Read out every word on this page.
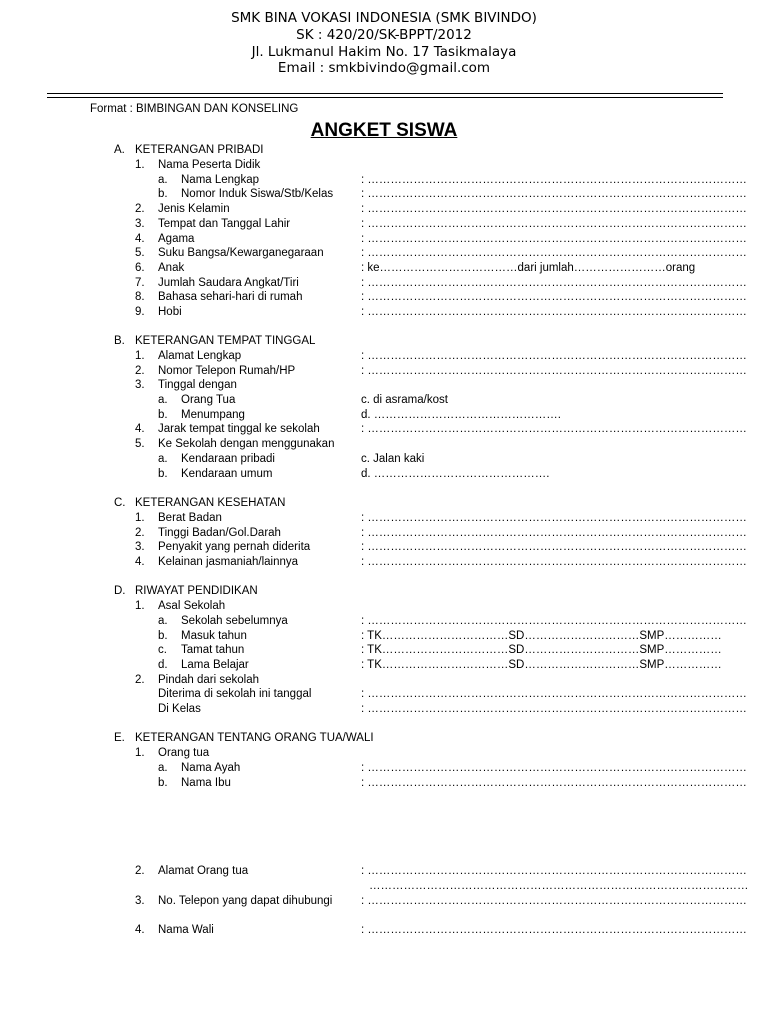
SMK BINA VOKASI INDONESIA (SMK BIVINDO)
SK : 420/20/SK-BPPT/2012
Jl. Lukmanul Hakim No. 17 Tasikmalaya
Email : smkbivindo@gmail.com
Format : BIMBINGAN DAN KONSELING
ANGKET SISWA
A. KETERANGAN PRIBADI
1. Nama Peserta Didik
a. Nama Lengkap	: ………………………………………………………………………………………
b. Nomor Induk Siswa/Stb/Kelas : ………………………………………………………………………………………
2. Jenis Kelamin	: ………………………………………………………………………………………
3. Tempat dan Tanggal Lahir	: ………………………………………………………………………………………
4. Agama	: ………………………………………………………………………………………
5. Suku Bangsa/Kewarganegaraan	: ………………………………………………………………………………………
6. Anak	: ke………………………………dari jumlah……………………orang
7. Jumlah Saudara Angkat/Tiri	: ………………………………………………………………………………………
8. Bahasa sehari-hari di rumah	: ………………………………………………………………………………………
9. Hobi	: ………………………………………………………………………………………
B. KETERANGAN TEMPAT TINGGAL
1. Alamat Lengkap	: ………………………………………………………………………………………
2. Nomor Telepon Rumah/HP	: ………………………………………………………………………………………
3. Tinggal dengan
a. Orang Tua	c. di asrama/kost
b. Menumpang	d. ………………………………………….
4. Jarak tempat tinggal ke sekolah	: ………………………………………………………………………………………
5. Ke Sekolah dengan menggunakan
a. Kendaraan pribadi	c. Jalan kaki
b. Kendaraan umum	d. ……………………………………….
C. KETERANGAN KESEHATAN
1. Berat Badan	: ………………………………………………………………………………………
2. Tinggi Badan/Gol.Darah	: ………………………………………………………………………………………
3. Penyakit yang pernah diderita	: ………………………………………………………………………………………
4. Kelainan jasmaniah/lainnya	: ………………………………………………………………………………………
D. RIWAYAT PENDIDIKAN
1. Asal Sekolah
a. Sekolah sebelumnya	: ………………………………………………………………………………………
b. Masuk tahun	: TK……………………………SD…………………………SMP……………
c. Tamat tahun	: TK……………………………SD…………………………SMP……………
d. Lama Belajar	: TK……………………………SD…………………………SMP……………
2. Pindah dari sekolah
Diterima di sekolah ini tanggal	: ………………………………………………………………………………………
Di Kelas	: ………………………………………………………………………………………
E. KETERANGAN TENTANG ORANG TUA/WALI
1. Orang tua
a. Nama Ayah	: ………………………………………………………………………………………
b. Nama Ibu	: ………………………………………………………………………………………
2. Alamat Orang tua	: ………………………………………………………………………………………
………………………………………………………………………………………
3. No. Telepon yang dapat dihubungi : ………………………………………………………………………………………
4. Nama Wali	: ………………………………………………………………………………………
